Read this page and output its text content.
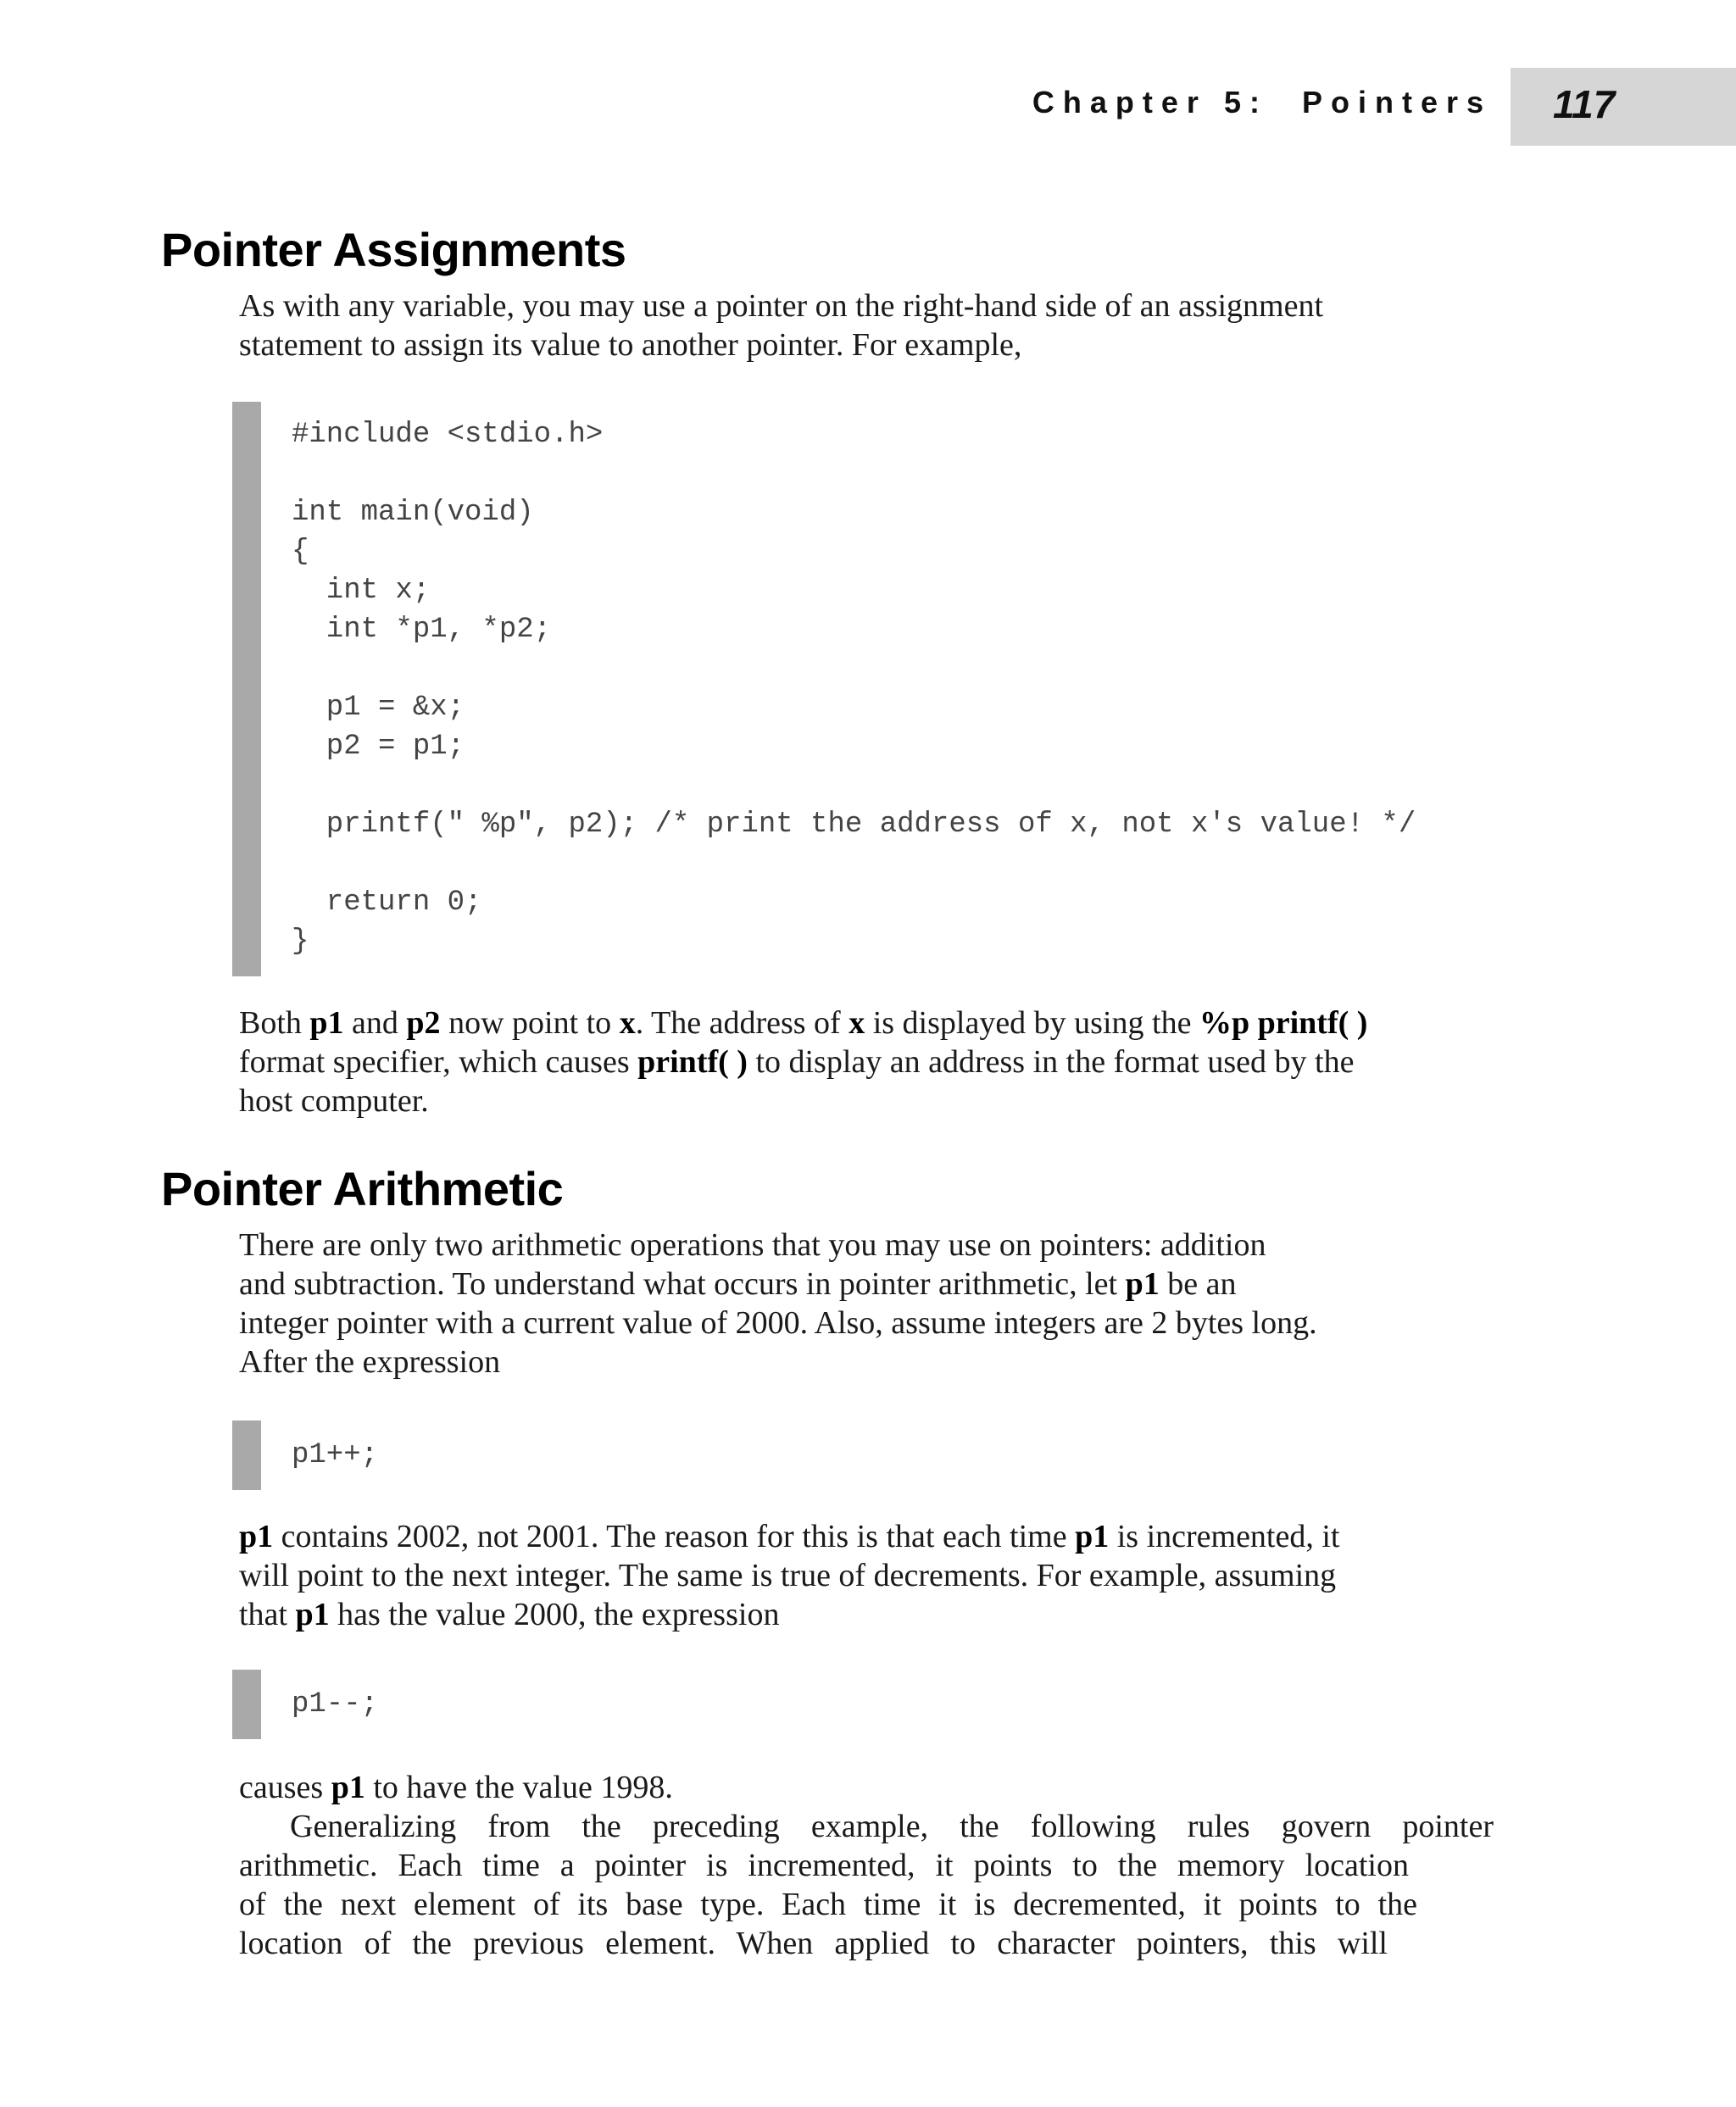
Chapter 5:  Pointers 117
Pointer Assignments
As with any variable, you may use a pointer on the right-hand side of an assignment
statement to assign its value to another pointer. For example,
#include <stdio.h>

int main(void)
{
int x;
int *p1, *p2;

p1 = &x;
p2 = p1;

printf(" %p", p2); /* print the address of x, not x's value! */

return 0;
}
Both p1 and p2 now point to x. The address of x is displayed by using the %p printf( )
format specifier, which causes printf( ) to display an address in the format used by the
host computer.
Pointer Arithmetic
There are only two arithmetic operations that you may use on pointers: addition
and subtraction. To understand what occurs in pointer arithmetic, let p1 be an
integer pointer with a current value of 2000. Also, assume integers are 2 bytes long.
After the expression
p1++;
p1 contains 2002, not 2001. The reason for this is that each time p1 is incremented, it
will point to the next integer. The same is true of decrements. For example, assuming
that p1 has the value 2000, the expression
p1--;
causes p1 to have the value 1998.
Generalizing from the preceding example, the following rules govern pointer
arithmetic. Each time a pointer is incremented, it points to the memory location
of the next element of its base type. Each time it is decremented, it points to the
location of the previous element. When applied to character pointers, this will
